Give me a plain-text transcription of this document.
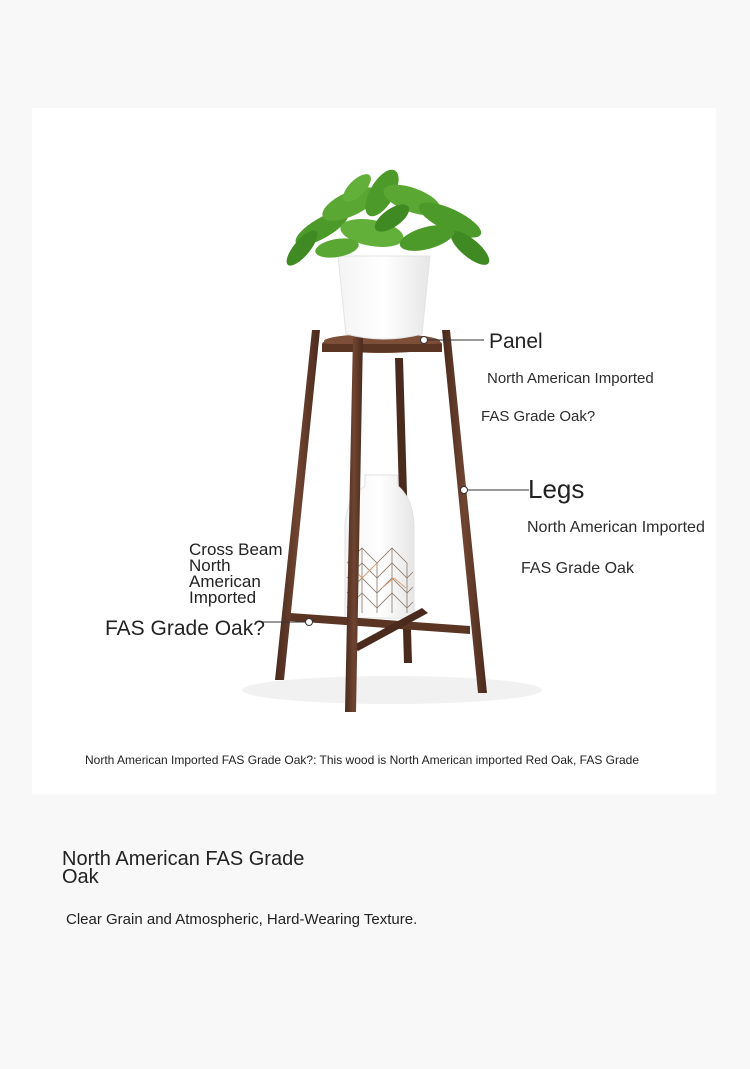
Panel

North American Imported

FAS Grade Oak?

Legs

North American Imported

FAS Grade Oak

Cross Beam
North
American
Imported
FAS Grade Oak?

North American Imported FAS Grade Oak?: This wood is North American imported Red Oak, FAS Grade

North American FAS Grade Oak

Clear Grain and Atmospheric, Hard-Wearing Texture.
